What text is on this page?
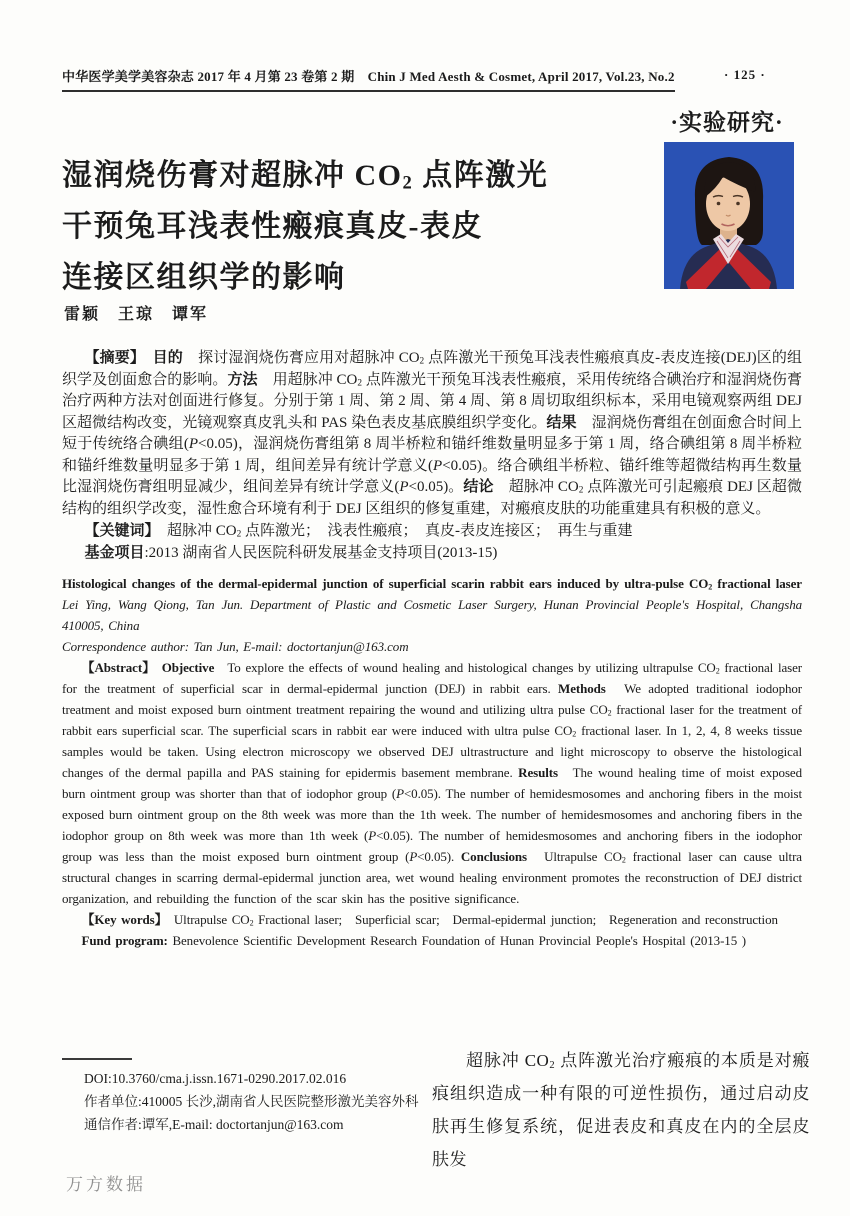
中华医学美学美容杂志 2017 年 4 月第 23 卷第 2 期　Chin J Med Aesth & Cosmet, April 2017, Vol.23, No.2	· 125 ·
·实验研究·
湿润烧伤膏对超脉冲 $CO_2$ 点阵激光
干预兔耳浅表性瘢痕真皮-表皮
连接区组织学的影响
雷颖　王琼　谭军

【摘要】　目的　探讨湿润烧伤膏应用对超脉冲 $CO_2$ 点阵激光干预兔耳浅表性瘢痕真皮-表皮连接(DEJ)区的组织学及创面愈合的影响。方法　用超脉冲 $CO_2$ 点阵激光干预兔耳浅表性瘢痕，采用传统络合碘治疗和湿润烧伤膏治疗两种方法对创面进行修复。分别于第 1 周、第 2 周、第 4 周、第 8 周切取组织标本，采用电镜观察两组 DEJ 区超微结构改变，光镜观察真皮乳头和 PAS 染色表皮基底膜组织学变化。结果　湿润烧伤膏组在创面愈合时间上短于传统络合碘组(P<0.05)，湿润烧伤膏组第 8 周半桥粒和锚纤维数量明显多于第 1 周，络合碘组第 8 周半桥粒和锚纤维数量明显多于第 1 周，组间差异有统计学意义(P<0.05)。络合碘组半桥粒、锚纤维等超微结构再生数量比湿润烧伤膏组明显减少，组间差异有统计学意义(P<0.05)。结论　超脉冲 $CO_2$ 点阵激光可引起瘢痕 DEJ 区超微结构的组织学改变，湿性愈合环境有利于 DEJ 区组织的修复重建，对瘢痕皮肤的功能重建具有积极的意义。

【关键词】　超脉冲 $CO_2$ 点阵激光；　浅表性瘢痕；　真皮-表皮连接区；　再生与重建

基金项目:2013 湖南省人民医院科研发展基金支持项目(2013-15)

Histological changes of the dermal-epidermal junction of superficial scarin rabbit ears induced by ultra-pulse $CO_2$ fractional laser　Lei Ying, Wang Qiong, Tan Jun. Department of Plastic and Cosmetic Laser Surgery, Hunan Provincial People's Hospital, Changsha 410005, China

Correspondence author: Tan Jun, E-mail: doctortanjun@163.com

【Abstract】　Objective　To explore the effects of wound healing and histological changes by utilizing ultrapulse $CO_2$ fractional laser for the treatment of superficial scar in dermal-epidermal junction (DEJ) in rabbit ears. Methods　We adopted traditional iodophor treatment and moist exposed burn ointment treatment repairing the wound and utilizing ultra pulse $CO_2$ fractional laser for the treatment of rabbit ears superficial scar. The superficial scars in rabbit ear were induced with ultra pulse $CO_2$ fractional laser. In 1, 2, 4, 8 weeks tissue samples would be taken. Using electron microscopy we observed DEJ ultrastructure and light microscopy to observe the histological changes of the dermal papilla and PAS staining for epidermis basement membrane. Results　The wound healing time of moist exposed burn ointment group was shorter than that of iodophor group (P<0.05). The number of hemidesmosomes and anchoring fibers in the moist exposed burn ointment group on the 8th week was more than the 1th week. The number of hemidesmosomes and anchoring fibers in the iodophor group on 8th week was more than 1th week (P<0.05). The number of hemidesmosomes and anchoring fibers in the iodophor group was less than the moist exposed burn ointment group (P<0.05). Conclusions　Ultrapulse $CO_2$ fractional laser can cause ultra structural changes in scarring dermal-epidermal junction area, wet wound healing environment promotes the reconstruction of DEJ district organization, and rebuilding the function of the scar skin has the positive significance.

【Key words】　Ultrapulse $CO_2$ Fractional laser;　Superficial scar;　Dermal-epidermal junction;　Regeneration and reconstruction

Fund program: Benevolence Scientific Development Research Foundation of Hunan Provincial People's Hospital (2013-15 )

DOI:10.3760/cma.j.issn.1671-0290.2017.02.016
作者单位:410005 长沙,湖南省人民医院整形激光美容外科
通信作者:谭军,E-mail: doctortanjun@163.com

超脉冲 $CO_2$ 点阵激光治疗瘢痕的本质是对瘢痕组织造成一种有限的可逆性损伤，通过启动皮肤再生修复系统，促进表皮和真皮在内的全层皮肤发

万方数据
